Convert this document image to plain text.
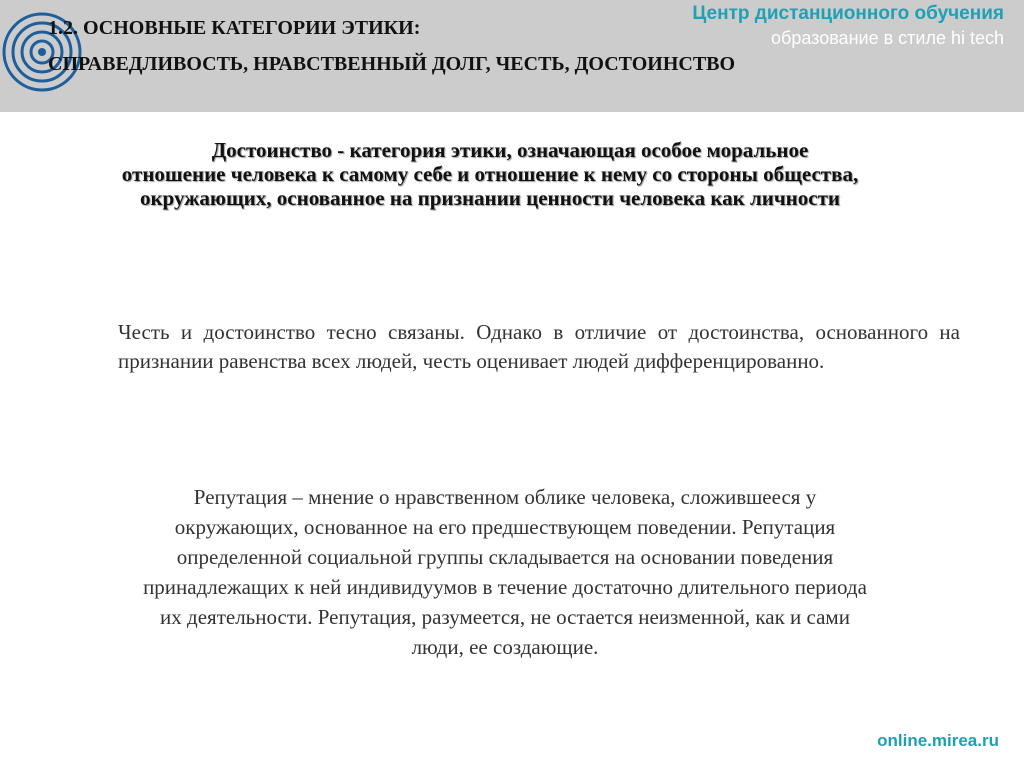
1.2. ОСНОВНЫЕ КАТЕГОРИИ ЭТИКИ:
СПРАВЕДЛИВОСТЬ, НРАВСТВЕННЫЙ ДОЛГ, ЧЕСТЬ, ДОСТОИНСТВО
Центр дистанционного обучения
образование в стиле hi tech
Достоинство - категория этики, означающая особое моральное отношение человека к самому себе и отношение к нему со стороны общества, окружающих, основанное на признании ценности человека как личности
Честь и достоинство тесно связаны. Однако в отличие от достоинства, основанного на признании равенства всех людей, честь оценивает людей дифференцированно.
Репутация – мнение о нравственном облике человека, сложившееся у окружающих, основанное на его предшествующем поведении. Репутация определенной социальной группы складывается на основании поведения принадлежащих к ней индивидуумов в течение достаточно длительного периода их деятельности. Репутация, разумеется, не остается неизменной, как и сами люди, ее создающие.
online.mirea.ru
